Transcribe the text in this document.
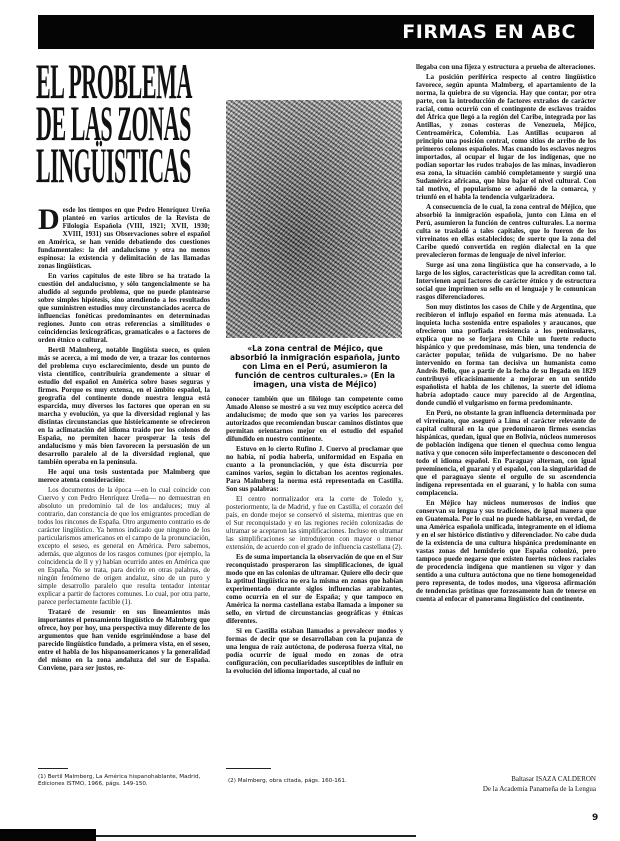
FIRMAS EN ABC
EL PROBLEMA
DE LAS ZONAS
LINGÜISTICAS

Desde los tiempos en que Pedro Henríquez Ureña planteó en varios artículos de la Revista de Filología Española (VIII, 1921; XVII, 1930; XVIII, 1931) sus Observaciones sobre el español en América, se han venido debatiendo dos cuestiones fundamentales: la del andalucismo y otra no menos espinosa: la existencia y delimitación de las llamadas zonas lingüísticas.

En varios capítulos de este libro se ha tratado la cuestión del andalucismo, y sólo tangencialmente se ha aludido al segundo problema, que no puede plantearse sobre simples hipótesis, sino atendiendo a los resultados que suministren estudios muy circunstanciados acerca de influencias fonéticas predominantes en determinadas regiones. Junto con otras referencias a similitudes o coincidencias lexicográficas, gramaticales o a factores de orden étnico o cultural.

Bertil Malmberg, notable lingüista sueco, es quien más se acerca, a mi modo de ver, a trazar los contornos del problema cuyo esclarecimiento, desde un punto de vista científico, contribuiría grandemente a situar el estudio del español en América sobre bases seguras y firmes. Porque es muy extensa, en el ámbito español, la geografía del continente donde nuestra lengua está esparcida, muy diversos los factores que operan en su marcha y evolución, ya que la diversidad regional y las distintas circunstancias que históricamente se ofrecieron en la aclimatación del idioma traído por los colonos de España, no permiten hacer prosperar la tesis del andalucismo y más bien favorecen la persuasión de un desarrollo paralelo al de la diversidad regional, que también operaba en la península.

He aquí una tesis sustentada por Malmberg que merece atenta consideración:

Los documentos de la época —en lo cual coincide con Cuervo y con Pedro Henríquez Ureña— no demuestran en absoluto un predominio tal de los andaluces; muy al contrario, dan constancia de que los emigrantes procedían de todos los rincones de España. Otro argumento contrario es de carácter lingüístico. Ya hemos indicado que ninguno de los particularismos americanos en el campo de la pronunciación, excepto el seseo, es general en América. Pero sabemos, además, que algunos de los rasgos comunes (por ejemplo, la coincidencia de ll y y) habían ocurrido antes en América que en España. No se trata, para decirlo en otras palabras, de ningún fenómeno de origen andaluz, sino de un puro y simple desarrollo paralelo que resulta tentador intentar explicar a partir de factores comunes. Lo cual, por otra parte, parece perfectamente factible (1).

Trataré de resumir en sus lineamientos más importantes el pensamiento lingüístico de Malmberg que ofrece, hoy por hoy, una perspectiva muy diferente de los argumentos que han venido esgrimiéndose a base del parecido lingüístico fundado, a primera vista, en el seseo, entre el habla de los hispanoamericanos y la generalidad del mismo en la zona andaluza del sur de España. Conviene, para ser justos, re-

«La zona central de Méjico, que absorbió la inmigración española, junto con Lima en el Perú, asumieron la función de centros culturales.» (En la imagen, una vista de Méjico)

conocer también que un filólogo tan competente como Amado Alonso se mostró a su vez muy escéptico acerca del andalucismo; de modo que son ya varios los pareceres autorizados que recomiendan buscar caminos distintos que permitan orientarnos mejor en el estudio del español difundido en nuestro continente.

Estuvo en lo cierto Rufino J. Cuervo al proclamar que no había, ni podía haberla, uniformidad en España en cuanto a la pronunciación, y que ésta discurría por caminos varios, según lo dictaban los acentos regionales. Para Malmberg la norma está representada en Castilla. Son sus palabras:

El centro normalizador era la corte de Toledo y, posteriormente, la de Madrid, y fue en Castilla, el corazón del país, en donde mejor se conservó el sistema, mientras que en el Sur reconquistado y en las regiones recién colonizadas de ultramar se aceptaron las simplificaciones. Incluso en ultramar las simplificaciones se introdujeron con mayor o menor extensión, de acuerdo con el grado de influencia castellana (2).

Es de suma importancia la observación de que en el Sur reconquistado prosperaron las simplificaciones, de igual modo que en las colonias de ultramar. Quiere ello decir que la aptitud lingüística no era la misma en zonas que habían experimentado durante siglos influencias arabizantes, como ocurría en el sur de España; y que tampoco en América la norma castellana estaba llamada a imponer su sello, en virtud de circunstancias geográficas y étnicas diferentes.

Si en Castilla estaban llamados a prevalecer modos y formas de decir que se desarrollaban con la pujanza de una lengua de raíz autóctona, de poderosa fuerza vital, no podía ocurrir de igual modo en zonas de otra configuración, con peculiaridades susceptibles de influir en la evolución del idioma importado, al cual no

llegaba con una fijeza y estructura a prueba de alteraciones.

La posición periférica respecto al centro lingüístico favorece, según apunta Malmberg, el apartamiento de la norma, la quiebra de su vigencia. Hay que contar, por otra parte, con la introducción de factores extraños de carácter racial, como ocurrió con el contingente de esclavos traídos del África que llegó a la región del Caribe, integrada por las Antillas, y zonas costeras de Venezuela, Méjico, Centroamérica, Colombia. Las Antillas ocuparon al principio una posición central, como sitios de arribo de los primeros colonos españoles. Mas cuando los esclavos negros importados, al ocupar el lugar de los indígenas, que no podían soportar los rudos trabajos de las minas, invadieron esa zona, la situación cambió completamente y surgió una Sudamérica africana, que hizo bajar el nivel cultural. Con tal motivo, el popularismo se adueñó de la comarca, y triunfó en el habla la tendencia vulgarizadora.

A consecuencia de lo cual, la zona central de Méjico, que absorbió la inmigración española, junto con Lima en el Perú, asumieron la función de centros culturales. La norma culta se trasladó a tales capitales, que lo fueron de los virreinatos en ellas establecidos; de suerte que la zona del Caribe quedó convertida en región dialectal en la que prevalecieron formas de lenguaje de nivel inferior.

Surge así una zona lingüística que ha conservado, a lo largo de los siglos, características que la acreditan como tal. Intervienen aquí factores de carácter étnico y de estructura social que imprimen su sello en el lenguaje y le comunican rasgos diferenciadores.

Son muy distintos los casos de Chile y de Argentina, que recibieron el influjo español en forma más atenuada. La inquieta lucha sostenida entre españoles y araucanos, que ofrecieron una porfiada resistencia a los peninsulares, explica que no se forjara en Chile un fuerte reducto hispánico y que predominase, más bien, una tendencia de carácter popular, teñida de vulgarismo. De no haber intervenido en forma tan decisiva un humanista como Andrés Bello, que a partir de la fecha de su llegada en 1829 contribuyó eficacísimamente a mejorar en un sentido españolista el habla de los chilenos, la suerte del idioma habría adoptado cauce muy parecido al de Argentina, donde cundió el vulgarismo en forma predominante.

En Perú, no obstante la gran influencia determinada por el virreinato, que aseguró a Lima el carácter relevante de capital cultural en la que predominaron firmes esencias hispánicas, quedan, igual que en Bolivia, núcleos numerosos de población indígena que tienen el quechua como lengua nativa y que conocen sólo imperfectamente o desconocen del todo el idioma español. En Paraguay alternan, con igual preeminencia, el guaraní y el español, con la singularidad de que el paraguayo siente el orgullo de su ascendencia indígena representada en el guaraní, y lo habla con suma complacencia.

En Méjico hay núcleos numerosos de indios que conservan su lengua y sus tradiciones, de igual manera que en Guatemala. Por lo cual no puede hablarse, en verdad, de una América española unificada, integramente en el idioma y en el ser histórico distintivo y diferenciador. No cabe duda de la existencia de una cultura hispánica predominante en vastas zonas del hemisferio que España colonizó, pero tampoco puede negarse que existen fuertes núcleos raciales de procedencia indígena que mantienen su vigor y dan sentido a una cultura autóctona que no tiene homogeneidad pero representa, de todos modos, una vigorosa afirmación de tendencias prístinas que forzosamente han de tenerse en cuenta al enfocar el panorama lingüístico del continente.

(1) Bertil Malmberg, La América hispanohablante, Madrid, Ediciones ISTMO, 1966, págs. 149-150.	(2) Malmberg, obra citada, págs. 160-161.	Baltasar ISAZA CALDERON
De la Academia Panameña de la Lengua
9
